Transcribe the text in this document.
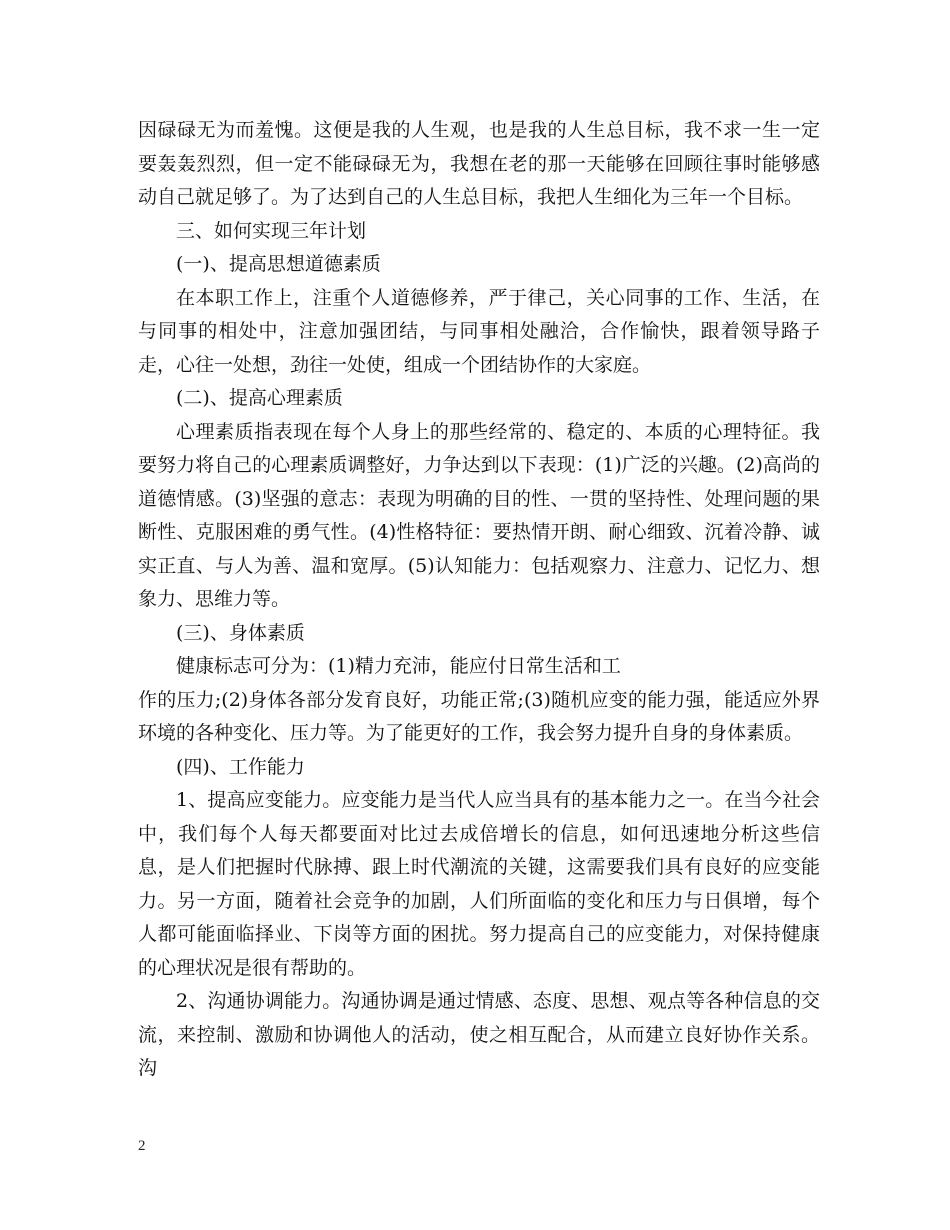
因碌碌无为而羞愧。这便是我的人生观，也是我的人生总目标，我不求一生一定要轰轰烈烈，但一定不能碌碌无为，我想在老的那一天能够在回顾往事时能够感动自己就足够了。为了达到自己的人生总目标，我把人生细化为三年一个目标。

三、如何实现三年计划

(一)、提高思想道德素质

在本职工作上，注重个人道德修养，严于律己，关心同事的工作、生活，在与同事的相处中，注意加强团结，与同事相处融洽，合作愉快，跟着领导路子走，心往一处想，劲往一处使，组成一个团结协作的大家庭。

(二)、提高心理素质

心理素质指表现在每个人身上的那些经常的、稳定的、本质的心理特征。我要努力将自己的心理素质调整好，力争达到以下表现：(1)广泛的兴趣。(2)高尚的道德情感。(3)坚强的意志：表现为明确的目的性、一贯的坚持性、处理问题的果断性、克服困难的勇气性。(4)性格特征：要热情开朗、耐心细致、沉着冷静、诚实正直、与人为善、温和宽厚。(5)认知能力：包括观察力、注意力、记忆力、想象力、思维力等。

(三)、身体素质

健康标志可分为：(1)精力充沛，能应付日常生活和工

作的压力;(2)身体各部分发育良好，功能正常;(3)随机应变的能力强，能适应外界环境的各种变化、压力等。为了能更好的工作，我会努力提升自身的身体素质。

(四)、工作能力

1、提高应变能力。应变能力是当代人应当具有的基本能力之一。在当今社会中，我们每个人每天都要面对比过去成倍增长的信息，如何迅速地分析这些信息，是人们把握时代脉搏、跟上时代潮流的关键，这需要我们具有良好的应变能力。另一方面，随着社会竞争的加剧，人们所面临的变化和压力与日俱增，每个人都可能面临择业、下岗等方面的困扰。努力提高自己的应变能力，对保持健康的心理状况是很有帮助的。

2、沟通协调能力。沟通协调是通过情感、态度、思想、观点等各种信息的交流，来控制、激励和协调他人的活动，使之相互配合，从而建立良好协作关系。沟

2
